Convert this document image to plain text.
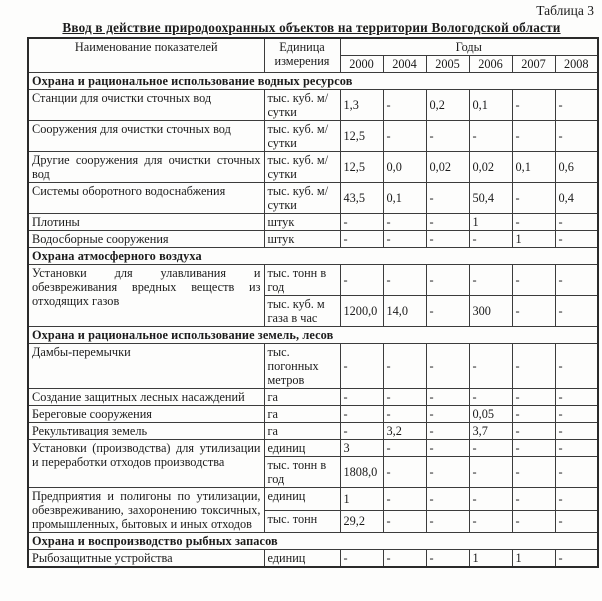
Таблица 3
Ввод в действие природоохранных объектов на территории Вологодской области
Наименование показателей	Единица измерения	Годы					
		2000	2004	2005	2006	2007	2008
Охрана и рациональное использование водных ресурсов							
Станции для очистки сточных вод	тыс. куб. м/ сутки	1,3	-	0,2	0,1	-	-
Сооружения для очистки сточных вод	тыс. куб. м/ сутки	12,5	-	-	-	-	-
Другие сооружения для очистки сточных вод	тыс. куб. м/ сутки	12,5	0,0	0,02	0,02	0,1	0,6
Системы оборотного водоснабжения	тыс. куб. м/ сутки	43,5	0,1	-	50,4	-	0,4
Плотины	штук	-	-	-	1	-	-
Водосборные сооружения	штук	-	-	-	-	1	-
Охрана атмосферного воздуха							
Установки для улавливания и обезвреживания вредных веществ из отходящих газов	тыс. тонн в год	-	-	-	-	-	-
	тыс. куб. м газа в час	1200,0	14,0	-	300	-	-
Охрана и рациональное использование земель, лесов							
Дамбы-перемычки	тыс. погонных метров	-	-	-	-	-	-
Создание защитных лесных насаждений	га	-	-	-	-	-	-
Береговые сооружения	га	-	-	-	0,05	-	-
Рекультивация земель	га	-	3,2	-	3,7	-	-
Установки (производства) для утилизации и переработки отходов производства	единиц	3	-	-	-	-	-
	тыс. тонн в год	1808,0	-	-	-	-	-
Предприятия и полигоны по утилизации, обезвреживанию, захоронению токсичных, промышленных, бытовых и иных отходов	единиц	1	-	-	-	-	-
	тыс. тонн	29,2	-	-	-	-	-
Охрана и воспроизводство рыбных запасов							
Рыбозащитные устройства	единиц	-	-	-	1	1	-
